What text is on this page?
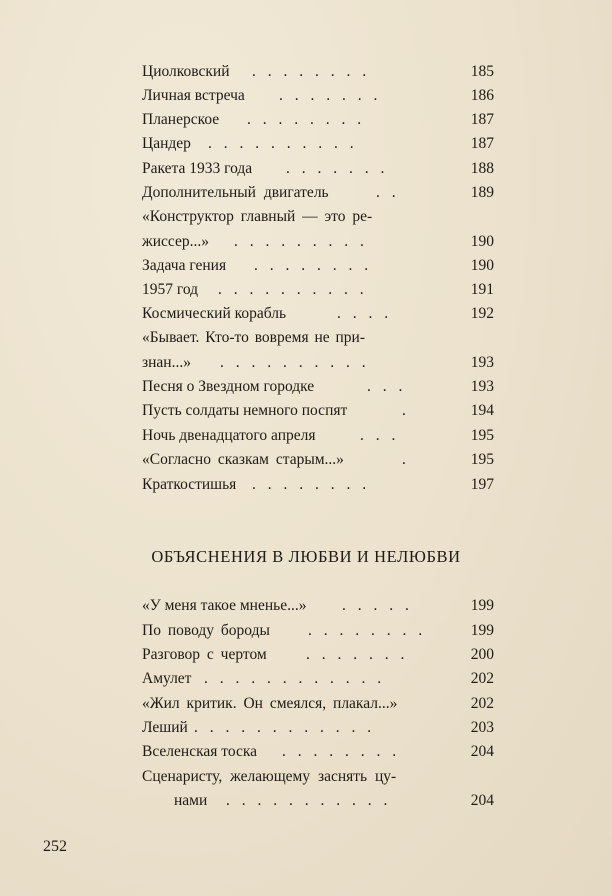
Циолковский . . . . . . . .	185
Личная встреча . . . . . . .	186
Планерское . . . . . . . .	187
Цандер . . . . . . . . . .	187
Ракета 1933 года . . . . . . .	188
Дополнительный двигатель	. .	189
«Конструктор главный — это ре-
жиссер...» . . . . . . . . .	190
Задача гения . . . . . . . .	190
1957 год . . . . . . . . . .	191
Космический корабль	. . . .	192
«Бывает. Кто-то вовремя не при-
знан...» . . . . . . . . . .	193
Песня о Звездном городке	. . .	193
Пусть солдаты немного поспят	.	194
Ночь двенадцатого апреля	. . .	195
«Согласно сказкам старым...»	.	195
Краткостишья . . . . . . . .	197
ОБЪЯСНЕНИЯ В ЛЮБВИ И НЕЛЮБВИ
«У меня такое мненье...» . . . . .	199
По поводу бороды . . . . . . . .	199
Разговор с чертом	. . . . . . .	200
Амулет . . . . . . . . . . . .	202
«Жил критик. Он смеялся, плакал...»	202
Леший . . . . . . . . . . . .	203
Вселенская тоска . . . . . . . .	204
Сценаристу, желающему заснять цу-
нами . . . . . . . . . . .	204
252
